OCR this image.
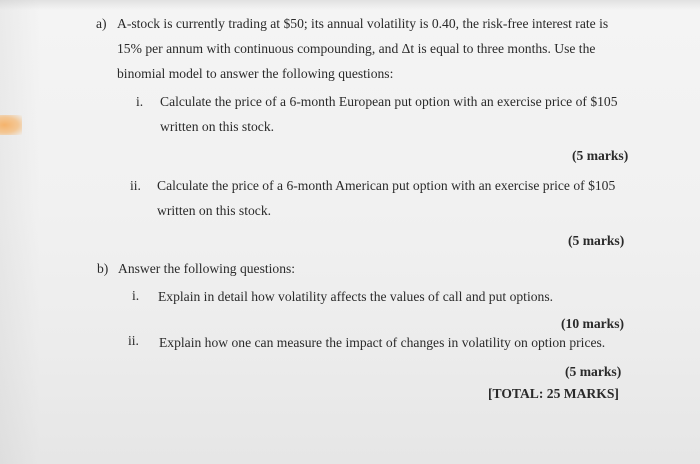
a) A-stock is currently trading at $50; its annual volatility is 0.40, the risk-free interest rate is
15% per annum with continuous compounding, and Δt is equal to three months. Use the
binomial model to answer the following questions:
i. Calculate the price of a 6-month European put option with an exercise price of $105
written on this stock.
(5 marks)
ii. Calculate the price of a 6-month American put option with an exercise price of $105
written on this stock.
(5 marks)
b) Answer the following questions:
i. Explain in detail how volatility affects the values of call and put options.
(10 marks)
ii. Explain how one can measure the impact of changes in volatility on option prices.
(5 marks)
[TOTAL: 25 MARKS]
